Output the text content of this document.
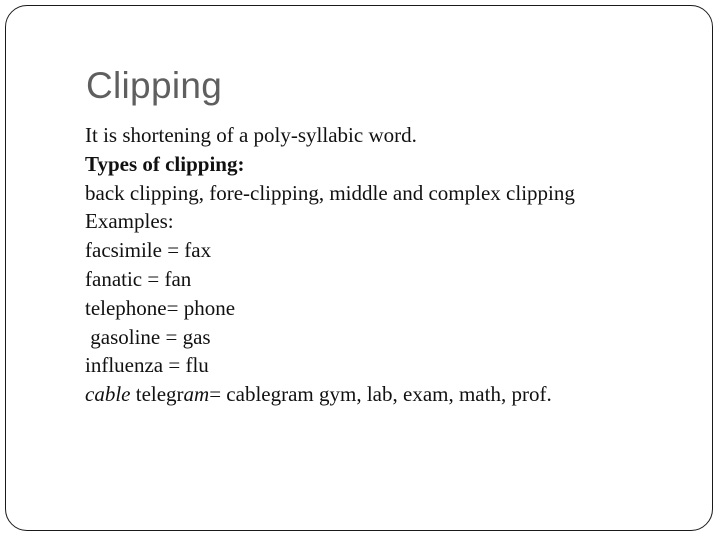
Clipping
It is shortening of a poly-syllabic word.
Types of clipping:
back clipping, fore-clipping, middle and complex clipping
Examples:
facsimile = fax
fanatic = fan
telephone= phone
gasoline = gas
influenza = flu
cable telegram= cablegram gym, lab, exam, math, prof.
